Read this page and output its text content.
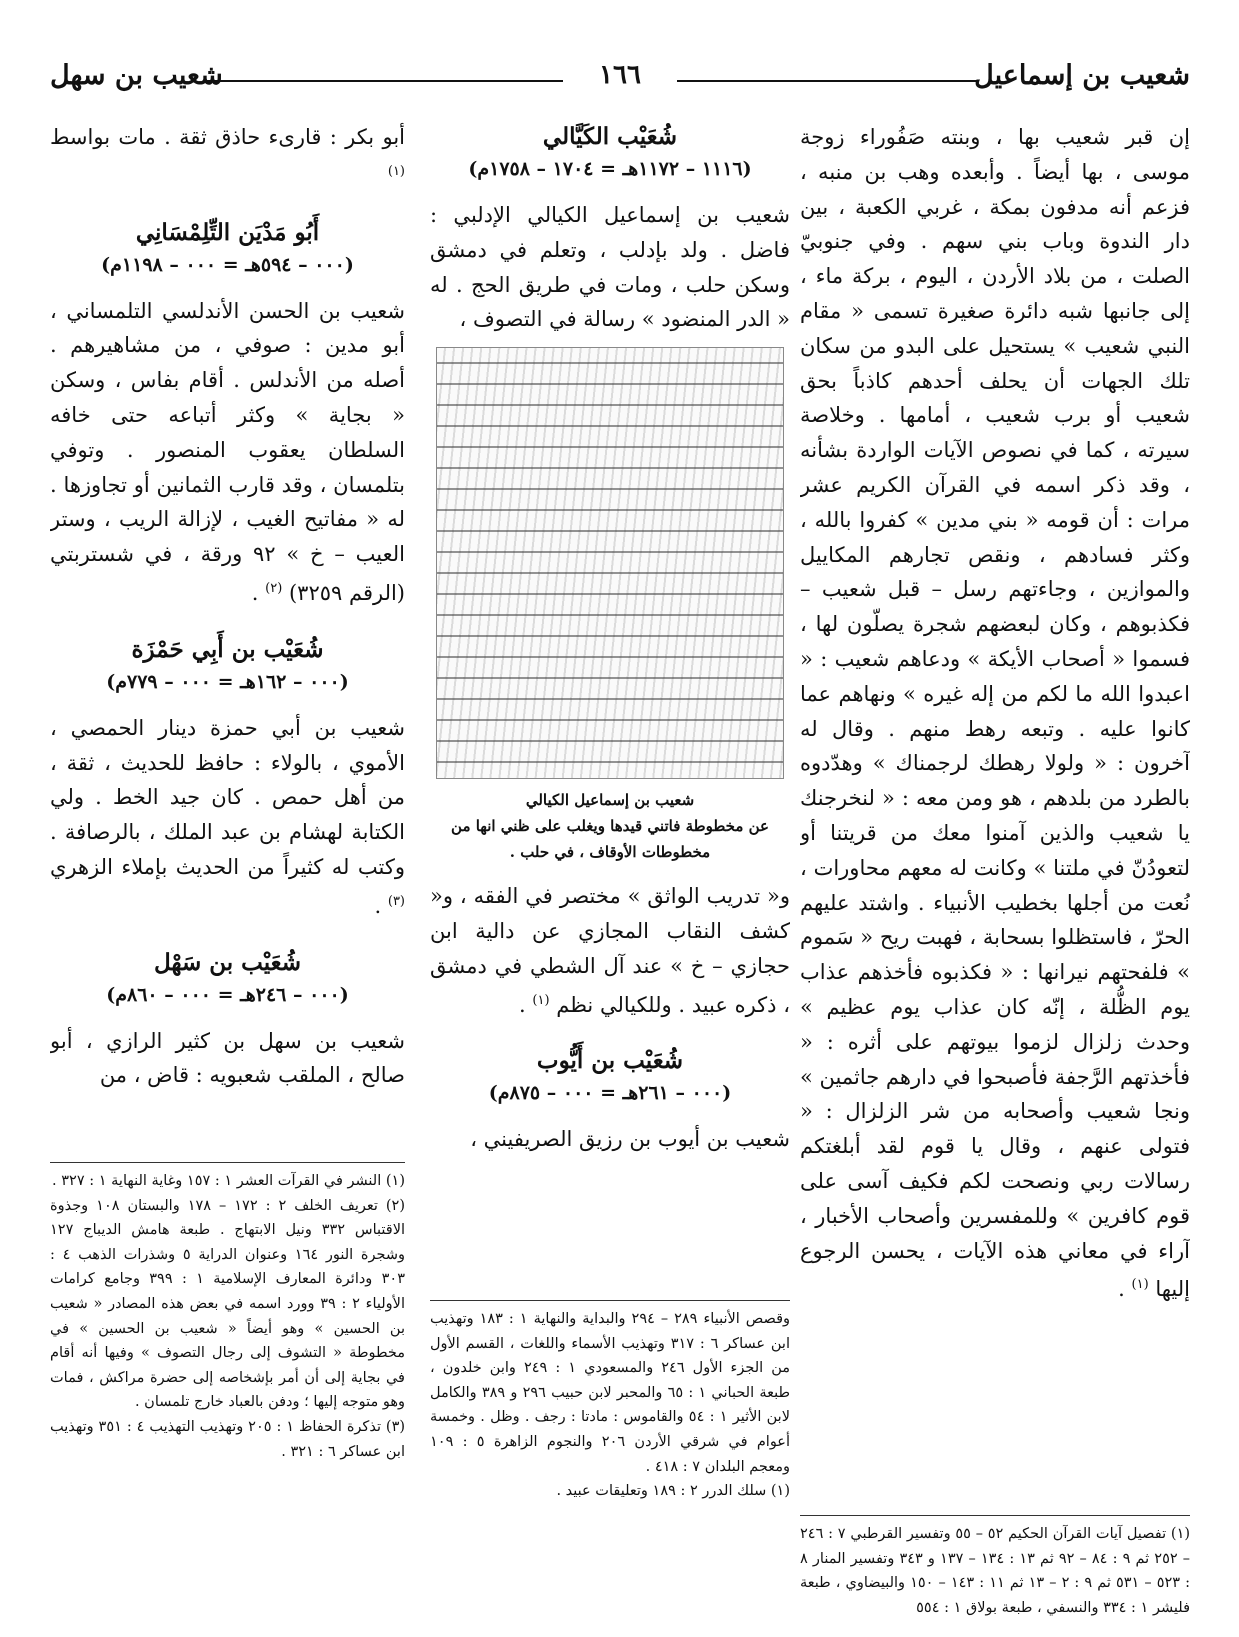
شعيب بن إسماعيل
١٦٦
شعيب بن سهل

إن قبر شعيب بها ، وبنته صَفُوراء زوجة موسى ، بها أيضاً . وأبعده وهب بن منبه ، فزعم أنه مدفون بمكة ، غربي الكعبة ، بين دار الندوة وباب بني سهم . وفي جنوبيّ الصلت ، من بلاد الأردن ، اليوم ، بركة ماء ، إلى جانبها شبه دائرة صغيرة تسمى « مقام النبي شعيب » يستحيل على البدو من سكان تلك الجهات أن يحلف أحدهم كاذباً بحق شعيب أو برب شعيب ، أمامها . وخلاصة سيرته ، كما في نصوص الآيات الواردة بشأنه ، وقد ذكر اسمه في القرآن الكريم عشر مرات : أن قومه « بني مدين » كفروا بالله ، وكثر فسادهم ، ونقص تجارهم المكاييل والموازين ، وجاءتهم رسل – قبل شعيب – فكذبوهم ، وكان لبعضهم شجرة يصلّون لها ، فسموا « أصحاب الأيكة » ودعاهم شعيب : « اعبدوا الله ما لكم من إله غيره » ونهاهم عما كانوا عليه . وتبعه رهط منهم . وقال له آخرون : « ولولا رهطك لرجمناك » وهدّدوه بالطرد من بلدهم ، هو ومن معه : « لنخرجنك يا شعيب والذين آمنوا معك من قريتنا أو لتعودُنّ في ملتنا » وكانت له معهم محاورات ، نُعت من أجلها بخطيب الأنبياء . واشتد عليهم الحرّ ، فاستظلوا بسحابة ، فهبت ريح « سَموم » فلفحتهم نيرانها : « فكذبوه فأخذهم عذاب يوم الظُّلة ، إنّه كان عذاب يوم عظيم » وحدث زلزال لزموا بيوتهم على أثره : « فأخذتهم الرَّجفة فأصبحوا في دارهم جاثمين » ونجا شعيب وأصحابه من شر الزلزال : « فتولى عنهم ، وقال يا قوم لقد أبلغتكم رسالات ربي ونصحت لكم فكيف آسى على قوم كافرين » وللمفسرين وأصحاب الأخبار ، آراء في معاني هذه الآيات ، يحسن الرجوع إليها $^{(١)}$ .

شُعَيْب الكَيَّالي
(١١١٦ – ١١٧٢هـ = ١٧٠٤ – ١٧٥٨م)

شعيب بن إسماعيل الكيالي الإدلبي : فاضل . ولد بإدلب ، وتعلم في دمشق وسكن حلب ، ومات في طريق الحج . له « الدر المنضود » رسالة في التصوف ،

شعيب بن إسماعيل الكيالي
عن مخطوطة فاتني قيدها ويغلب على ظني انها من مخطوطات الأوقاف ، في حلب .

و« تدريب الواثق » مختصر في الفقه ، و« كشف النقاب المجازي عن دالية ابن حجازي – خ » عند آل الشطي في دمشق ، ذكره عبيد . وللكيالي نظم $^{(١)}$ .

شُعَيْب بن أَيُّوب
(٠٠٠ – ٢٦١هـ = ٠٠٠ – ٨٧٥م)

شعيب بن أيوب بن رزيق الصريفيني ،

أبو بكر : قارىء حاذق ثقة . مات بواسط $^{(١)}$

أَبُو مَدْيَن التِّلِمْسَانِي
(٠٠٠ – ٥٩٤هـ = ٠٠٠ – ١١٩٨م)

شعيب بن الحسن الأندلسي التلمساني ، أبو مدين : صوفي ، من مشاهيرهم . أصله من الأندلس . أقام بفاس ، وسكن « بجاية » وكثر أتباعه حتى خافه السلطان يعقوب المنصور . وتوفي بتلمسان ، وقد قارب الثمانين أو تجاوزها . له « مفاتيح الغيب ، لإزالة الريب ، وستر العيب – خ » ٩٢ ورقة ، في شستربتي (الرقم ٣٢٥٩) $^{(٢)}$ .

شُعَيْب بن أَبِي حَمْزَة
(٠٠٠ – ١٦٢هـ = ٠٠٠ – ٧٧٩م)

شعيب بن أبي حمزة دينار الحمصي ، الأموي ، بالولاء : حافظ للحديث ، ثقة ، من أهل حمص . كان جيد الخط . ولي الكتابة لهشام بن عبد الملك ، بالرصافة . وكتب له كثيراً من الحديث بإملاء الزهري $^{(٣)}$ .

شُعَيْب بن سَهْل
(٠٠٠ – ٢٤٦هـ = ٠٠٠ – ٨٦٠م)

شعيب بن سهل بن كثير الرازي ، أبو صالح ، الملقب شعبويه : قاض ، من

(١) تفصيل آيات القرآن الحكيم ٥٢ – ٥٥ وتفسير القرطبي ٧ : ٢٤٦ – ٢٥٢ ثم ٩ : ٨٤ – ٩٢ ثم ١٣ : ١٣٤ – ١٣٧ و ٣٤٣ وتفسير المنار ٨ : ٥٢٣ – ٥٣١ ثم ٩ : ٢ – ١٣ ثم ١١ : ١٤٣ – ١٥٠ والبيضاوي ، طبعة فليشر ١ : ٣٣٤ والنسفي ، طبعة بولاق ١ : ٥٥٤

وقصص الأنبياء ٢٨٩ – ٢٩٤ والبداية والنهاية ١ : ١٨٣ وتهذيب ابن عساكر ٦ : ٣١٧ وتهذيب الأسماء واللغات ، القسم الأول من الجزء الأول ٢٤٦ والمسعودي ١ : ٢٤٩ وابن خلدون ، طبعة الحباني ١ : ٦٥ والمحبر لابن حبيب ٢٩٦ و ٣٨٩ والكامل لابن الأثير ١ : ٥٤ والقاموس : مادتا : رجف . وظل . وخمسة أعوام في شرقي الأردن ٢٠٦ والنجوم الزاهرة ٥ : ١٠٩ ومعجم البلدان ٧ : ٤١٨ .

(١) سلك الدرر ٢ : ١٨٩ وتعليقات عبيد .

(١) النشر في القرآت العشر ١ : ١٥٧ وغاية النهاية ١ : ٣٢٧ .

(٢) تعريف الخلف ٢ : ١٧٢ – ١٧٨ والبستان ١٠٨ وجذوة الاقتباس ٣٣٢ ونيل الابتهاج . طبعة هامش الديباج ١٢٧ وشجرة النور ١٦٤ وعنوان الدراية ٥ وشذرات الذهب ٤ : ٣٠٣ ودائرة المعارف الإسلامية ١ : ٣٩٩ وجامع كرامات الأولياء ٢ : ٣٩ وورد اسمه في بعض هذه المصادر « شعيب بن الحسين » وهو أيضاً « شعيب بن الحسين » في مخطوطة « التشوف إلى رجال التصوف » وفيها أنه أقام في بجاية إلى أن أمر بإشخاصه إلى حضرة مراكش ، فمات وهو متوجه إليها ؛ ودفن بالعباد خارج تلمسان .

(٣) تذكرة الحفاظ ١ : ٢٠٥ وتهذيب التهذيب ٤ : ٣٥١ وتهذيب ابن عساكر ٦ : ٣٢١ .
